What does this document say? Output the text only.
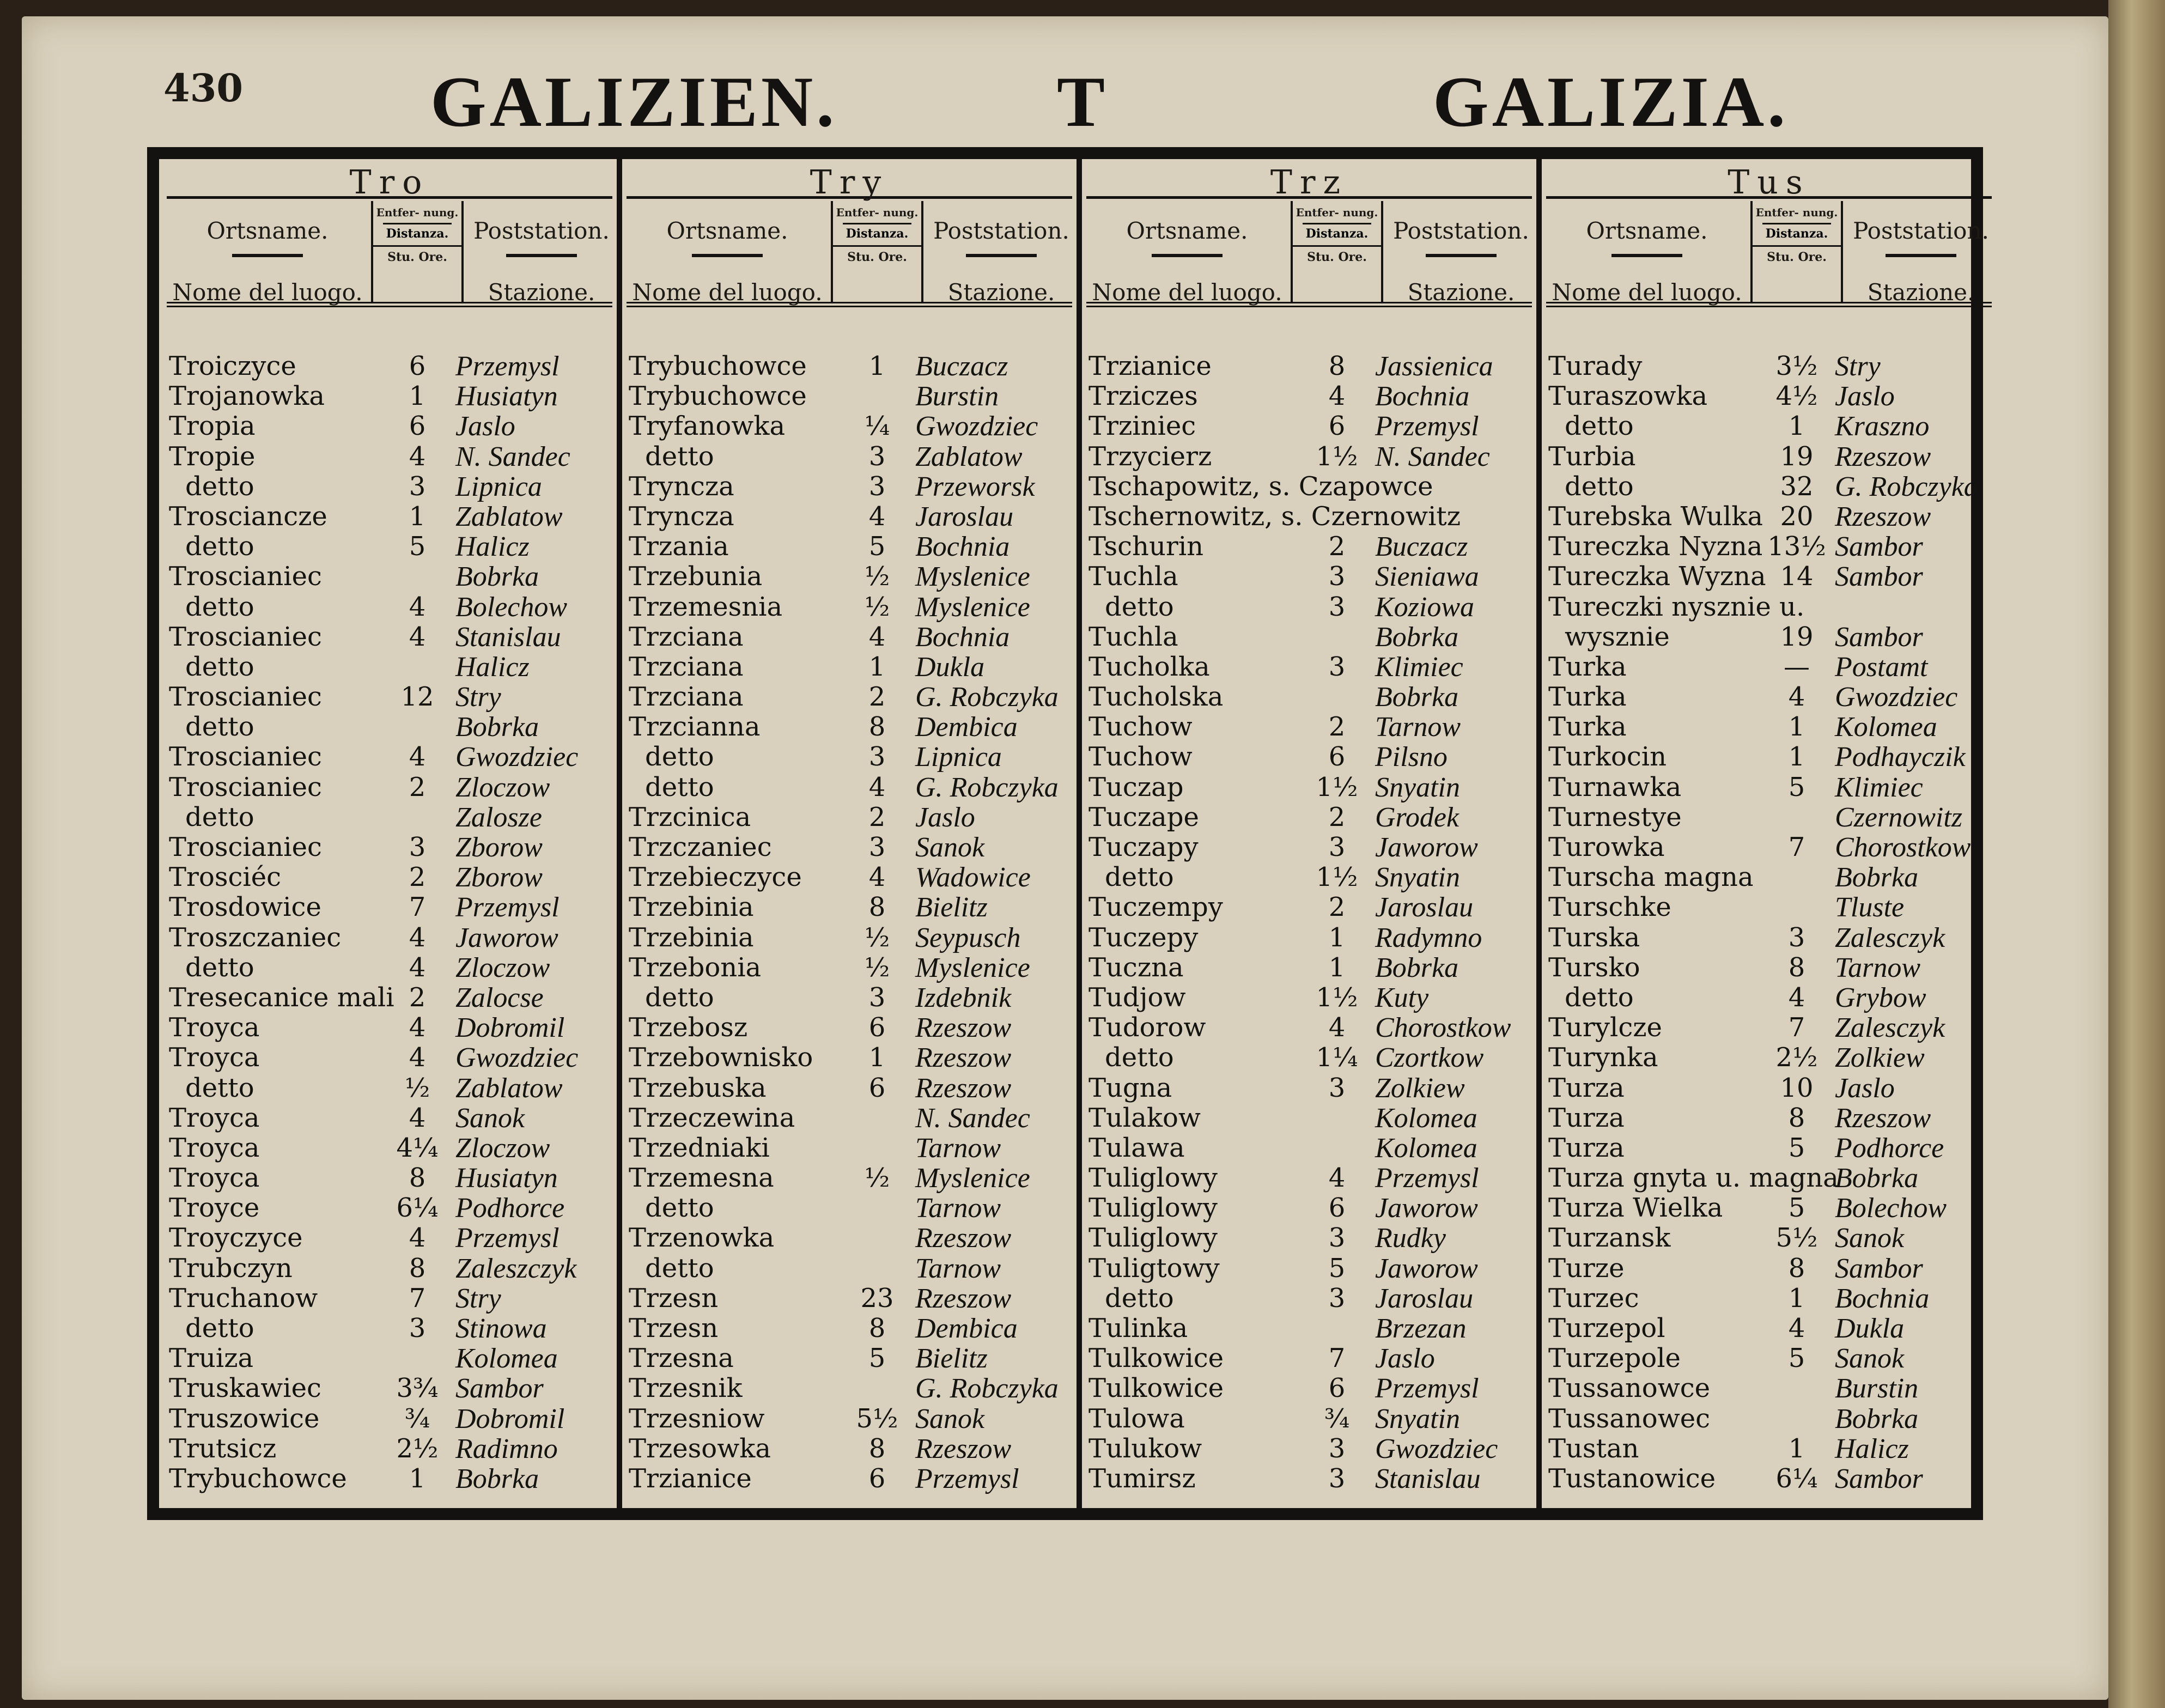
430	GALIZIEN.	T	GALIZIA.
Tro
Ortsname.
Nome del luogo.
Entfer- nung.
Distanza.
Stu. Ore.
Poststation.
Stazione.
Troiczyce	6	Przemysl
Trojanowka	1	Husiatyn
Tropia	6	Jaslo
Tropie	4	N. Sandec
detto	3	Lipnica
Trosciancze	1	Zablatow
detto	5	Halicz
Troscianiec	Bobrka
detto	4	Bolechow
Troscianiec	4	Stanislau
detto	Halicz
Troscianiec	12 Stry
detto	Bobrka
Troscianiec	4	Gwozdziec
Troscianiec	2	Zloczow
detto	Zalosze
Troscianiec	3	Zborow
Trosciéc	2	Zborow
Trosdowice	7	Przemysl
Troszczaniec	4	Jaworow
detto	4	Zloczow
Tresecanice mali 2	Zalocse
Troyca	4	Dobromil
Troyca	4	Gwozdziec
detto	½ Zablatow
Troyca	4	Sanok
Troyca	4¼ Zloczow
Troyca	8	Husiatyn
Troyce	6¼ Podhorce
Troyczyce	4	Przemysl
Trubczyn	8	Zaleszczyk
Truchanow	7	Stry
detto	3	Stinowa
Truiza	Kolomea
Truskawiec	3¾ Sambor
Truszowice	¾ Dobromil
Trutsicz	2½ Radimno
Trybuchowce	1	Bobrka
Try
Ortsname.
Nome del luogo.
Entfer- nung.
Distanza.
Stu. Ore.
Poststation.
Stazione.
Trybuchowce	1	Buczacz
Trybuchowce	Burstin
Tryfanowka	¼ Gwozdziec
detto	3	Zablatow
Tryncza	3	Przeworsk
Tryncza	4	Jaroslau
Trzania	5	Bochnia
Trzebunia	½ Myslenice
Trzemesnia	½ Myslenice
Trzciana	4	Bochnia
Trzciana	1	Dukla
Trzciana	2	G. Robczyka
Trzcianna	8	Dembica
detto	3	Lipnica
detto	4	G. Robczyka
Trzcinica	2	Jaslo
Trzczaniec	3	Sanok
Trzebieczyce	4	Wadowice
Trzebinia	8	Bielitz
Trzebinia	½ Seypusch
Trzebonia	½ Myslenice
detto	3	Izdebnik
Trzebosz	6	Rzeszow
Trzebownisko	1	Rzeszow
Trzebuska	6	Rzeszow
Trzeczewina	N. Sandec
Trzedniaki	Tarnow
Trzemesna	½ Myslenice
detto	Tarnow
Trzenowka	Rzeszow
detto	Tarnow
Trzesn	23 Rzeszow
Trzesn	8	Dembica
Trzesna	5	Bielitz
Trzesnik	G. Robczyka
Trzesniow	5½ Sanok
Trzesowka	8	Rzeszow
Trzianice	6	Przemysl
Trz
Ortsname.
Nome del luogo.
Entfer- nung.
Distanza.
Stu. Ore.
Poststation.
Stazione.
Trzianice	8	Jassienica
Trziczes	4	Bochnia
Trziniec	6	Przemysl
Trzycierz	1½ N. Sandec
Tschapowitz, s. Czapowce
Tschernowitz, s. Czernowitz
Tschurin	2	Buczacz
Tuchla	3	Sieniawa
detto	3	Koziowa
Tuchla	Bobrka
Tucholka	3	Klimiec
Tucholska	Bobrka
Tuchow	2	Tarnow
Tuchow	6	Pilsno
Tuczap	1½ Snyatin
Tuczape	2	Grodek
Tuczapy	3	Jaworow
detto	1½ Snyatin
Tuczempy	2	Jaroslau
Tuczepy	1	Radymno
Tuczna	1	Bobrka
Tudjow	1½ Kuty
Tudorow	4	Chorostkow
detto	1¼ Czortkow
Tugna	3	Zolkiew
Tulakow	Kolomea
Tulawa	Kolomea
Tuliglowy	4	Przemysl
Tuliglowy	6	Jaworow
Tuliglowy	3	Rudky
Tuligtowy	5	Jaworow
detto	3	Jaroslau
Tulinka	Brzezan
Tulkowice	7	Jaslo
Tulkowice	6	Przemysl
Tulowa	¾ Snyatin
Tulukow	3	Gwozdziec
Tumirsz	3	Stanislau
Tus
Ortsname.
Nome del luogo.
Entfer- nung.
Distanza.
Stu. Ore.
Poststation.
Stazione.
Turady	3½ Stry
Turaszowka	4½ Jaslo
detto	1	Kraszno
Turbia	19 Rzeszow
detto	32 G. Robczyka
Turebska Wulka 20 Rzeszow
Tureczka Nyzna 13½ Sambor
Tureczka Wyzna 14 Sambor
Tureczki nysznie u.
wysznie	19 Sambor
Turka	— Postamt
Turka	4	Gwozdziec
Turka	1	Kolomea
Turkocin	1	Podhayczik
Turnawka	5	Klimiec
Turnestye	Czernowitz
Turowka	7	Chorostkow
Turscha magna	Bobrka
Turschke	Tluste
Turska	3	Zalesczyk
Tursko	8	Tarnow
detto	4	Grybow
Turylcze	7	Zalesczyk
Turynka	2½ Zolkiew
Turza	10 Jaslo
Turza	8	Rzeszow
Turza	5	Podhorce
Turza gnyta u. magna
Bobrka
Turza Wielka	5	Bolechow
Turzansk	5½ Sanok
Turze	8	Sambor
Turzec	1	Bochnia
Turzepol	4	Dukla
Turzepole	5	Sanok
Tussanowce	Burstin
Tussanowec	Bobrka
Tustan	1	Halicz
Tustanowice	6¼ Sambor
